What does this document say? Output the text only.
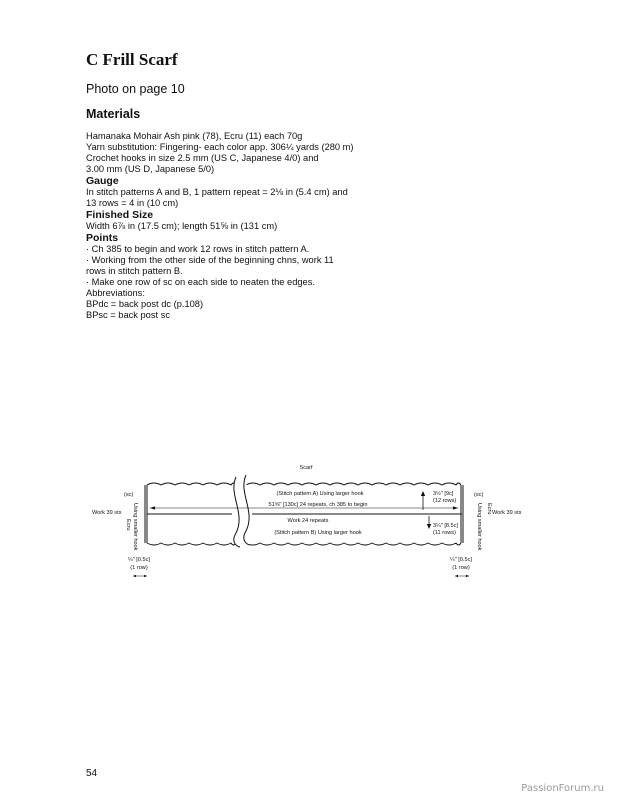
C Frill Scarf
Photo on page 10
Materials
Hamanaka Mohair Ash pink (78), Ecru (11) each 70g
Yarn substitution: Fingering- each color app. 306¼ yards (280 m)
Crochet hooks in size 2.5 mm (US C, Japanese 4/0) and
3.00 mm (US D, Japanese 5/0)
Gauge
In stitch patterns A and B, 1 pattern repeat = 2⅛ in (5.4 cm) and
13 rows = 4 in (10 cm)
Finished Size
Width 6⅞ in (17.5 cm); length 51⅝ in (131 cm)
Points
· Ch 385 to begin and work 12 rows in stitch pattern A.
· Working from the other side of the beginning chns, work 11
rows in stitch pattern B.
· Make one row of sc on each side to neaten the edges.
Abbreviations:
BPdc = back post dc (p.108)
BPsc = back post sc
Scarf
(Stitch pattern A) Using larger hook
51⅝" [130c] 24 repeats, ch 385 to begin
Work 24 repeats
(Stitch pattern B) Using larger hook
3½" [9c]
(12 rows)
3¼" [8.5c]
(11 rows)
(sc)
Work 39 sts Using smaller hook
Ecru
(sc)
Work 39 sts
Ecru
Using smaller hook
¼" [0.5c]
(1 row)
¼" [0.5c]
(1 row)
54
PassionForum.ru
